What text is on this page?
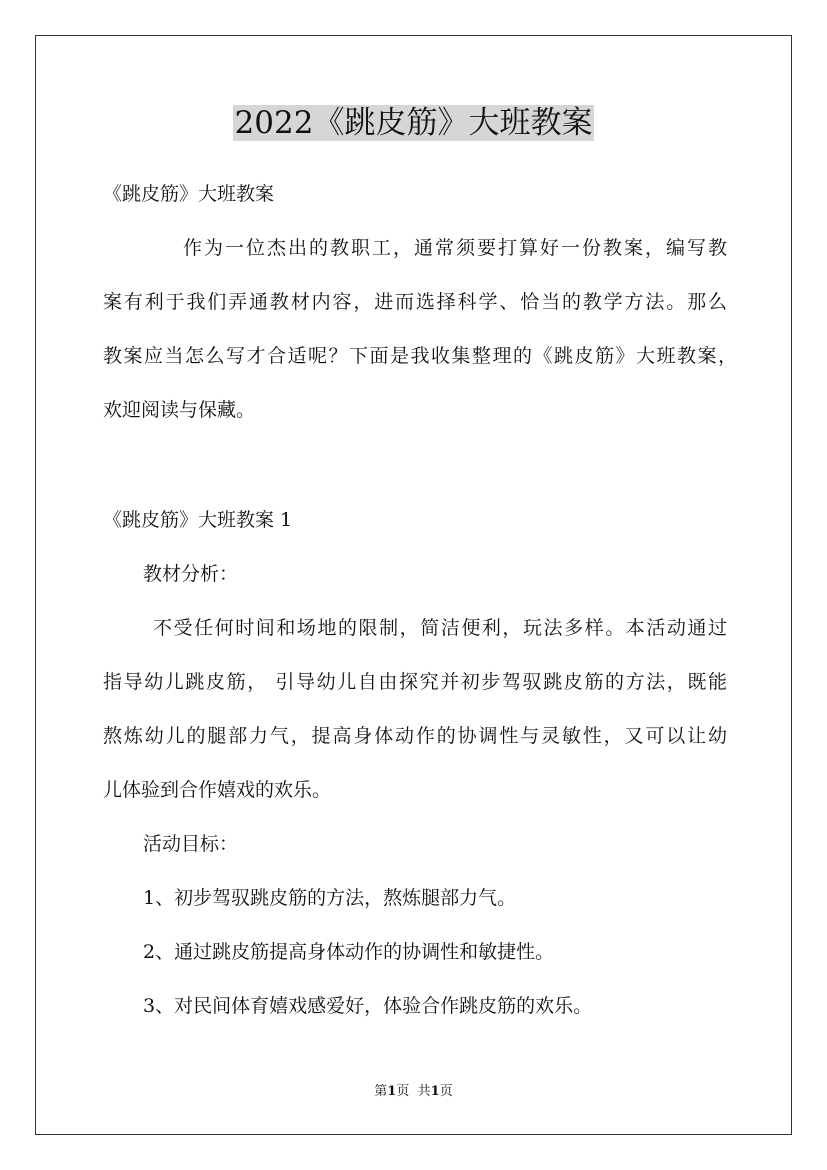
2022《跳皮筋》大班教案

《跳皮筋》大班教案

作为一位杰出的教职工，通常须要打算好一份教案，编写教

案有利于我们弄通教材内容，进而选择科学、恰当的教学方法。那么

教案应当怎么写才合适呢？下面是我收集整理的《跳皮筋》大班教案，

欢迎阅读与保藏。

《跳皮筋》大班教案 1

教材分析：

不受任何时间和场地的限制，简洁便利，玩法多样。本活动通过

指导幼儿跳皮筋， 引导幼儿自由探究并初步驾驭跳皮筋的方法，既能

熬炼幼儿的腿部力气，提高身体动作的协调性与灵敏性，又可以让幼

儿体验到合作嬉戏的欢乐。

活动目标：

1、初步驾驭跳皮筋的方法，熬炼腿部力气。

2、通过跳皮筋提高身体动作的协调性和敏捷性。

3、对民间体育嬉戏感爱好，体验合作跳皮筋的欢乐。

第1页 共1页
